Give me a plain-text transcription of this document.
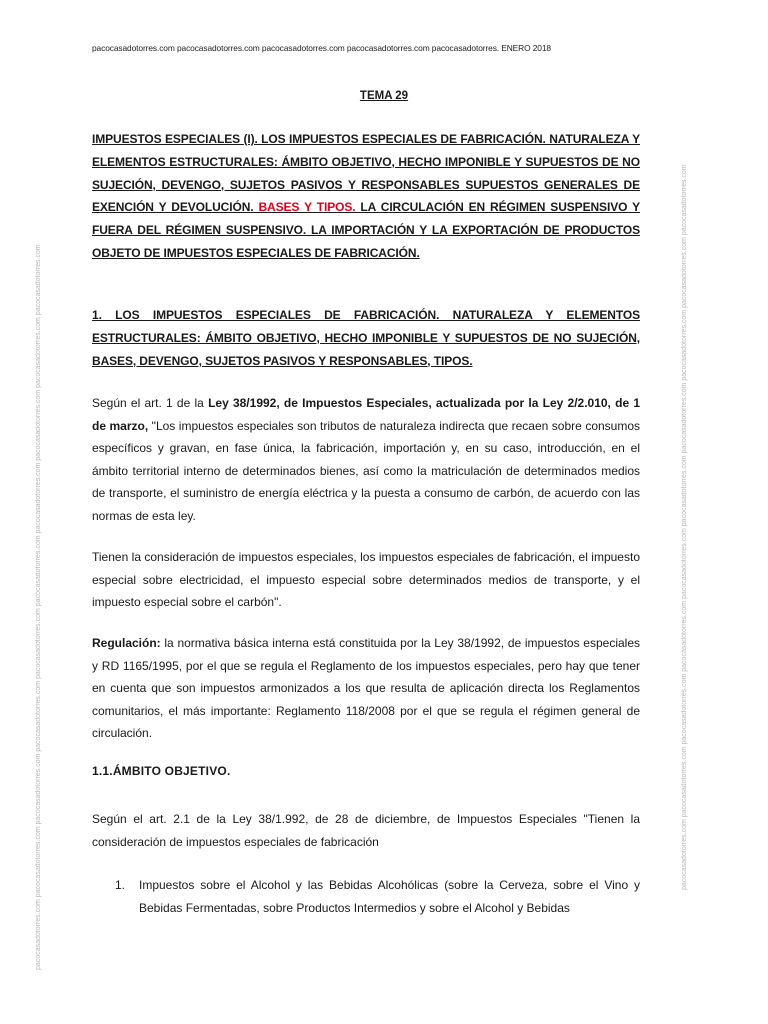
pacocasadotorres.com pacocasadotorres.com pacocasadotorres.com pacocasadotorres.com pacocasadotorres. ENERO 2018
pacocasadotorres.com pacocasadotorres.com pacocasadotorres.com pacocasadotorres.com pacocasadotorres.com pacocasadotorres.com pacocasadotorres.com pacocasadotorres.com pacocasadotorres.com pacocasadotorres.com	pacocasadotorres.com pacocasadotorres.com pacocasadotorres.com pacocasadotorres.com pacocasadotorres.com pacocasadotorres.com pacocasadotorres.com pacocasadotorres.com pacocasadotorres.com pacocasadotorres.com
TEMA 29
IMPUESTOS ESPECIALES (I). LOS IMPUESTOS ESPECIALES DE FABRICACIÓN. NATURALEZA Y ELEMENTOS ESTRUCTURALES: ÁMBITO OBJETIVO, HECHO IMPONIBLE Y SUPUESTOS DE NO SUJECIÓN, DEVENGO, SUJETOS PASIVOS Y RESPONSABLES SUPUESTOS GENERALES DE EXENCIÓN Y DEVOLUCIÓN. BASES Y TIPOS. LA CIRCULACIÓN EN RÉGIMEN SUSPENSIVO Y FUERA DEL RÉGIMEN SUSPENSIVO. LA IMPORTACIÓN Y LA EXPORTACIÓN DE PRODUCTOS OBJETO DE IMPUESTOS ESPECIALES DE FABRICACIÓN.
1. LOS IMPUESTOS ESPECIALES DE FABRICACIÓN. NATURALEZA Y ELEMENTOS ESTRUCTURALES: ÁMBITO OBJETIVO, HECHO IMPONIBLE Y SUPUESTOS DE NO SUJECIÓN, BASES, DEVENGO, SUJETOS PASIVOS Y RESPONSABLES, TIPOS.
Según el art. 1 de la Ley 38/1992, de Impuestos Especiales, actualizada por la Ley 2/2.010, de 1 de marzo, "Los impuestos especiales son tributos de naturaleza indirecta que recaen sobre consumos específicos y gravan, en fase única, la fabricación, importación y, en su caso, introducción, en el ámbito territorial interno de determinados bienes, así como la matriculación de determinados medios de transporte, el suministro de energía eléctrica y la puesta a consumo de carbón, de acuerdo con las normas de esta ley.
Tienen la consideración de impuestos especiales, los impuestos especiales de fabricación, el impuesto especial sobre electricidad, el impuesto especial sobre determinados medios de transporte, y el impuesto especial sobre el carbón".
Regulación: la normativa básica interna está constituida por la Ley 38/1992, de impuestos especiales y RD 1165/1995, por el que se regula el Reglamento de los impuestos especiales, pero hay que tener en cuenta que son impuestos armonizados a los que resulta de aplicación directa los Reglamentos comunitarios, el más importante: Reglamento 118/2008 por el que se regula el régimen general de circulación.
1.1.ÁMBITO OBJETIVO.
Según el art. 2.1 de la Ley 38/1.992, de 28 de diciembre, de Impuestos Especiales "Tienen la consideración de impuestos especiales de fabricación
1. Impuestos sobre el Alcohol y las Bebidas Alcohólicas (sobre la Cerveza, sobre el Vino y Bebidas Fermentadas, sobre Productos Intermedios y sobre el Alcohol y Bebidas
